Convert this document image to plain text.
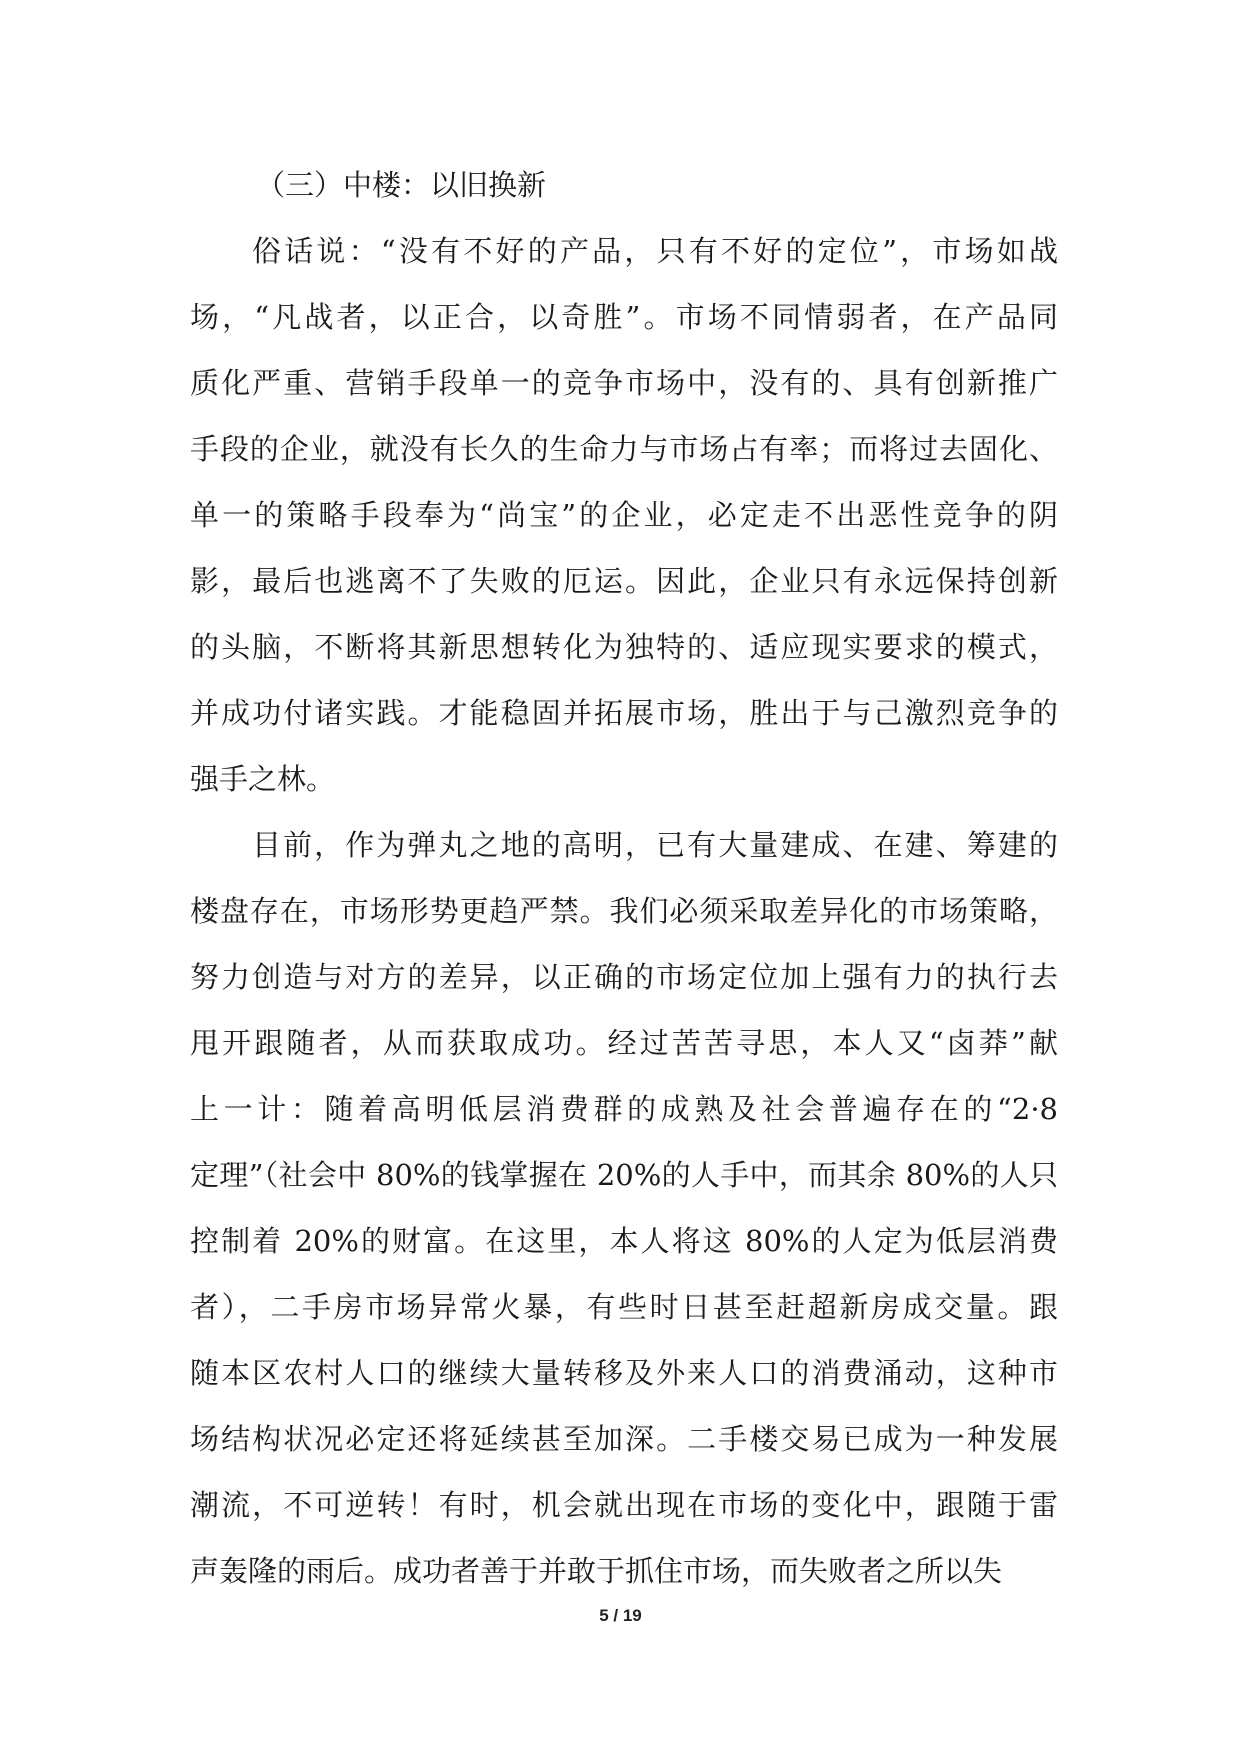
（三）中楼：以旧换新

俗话说：“没有不好的产品，只有不好的定位”，市场如战
场，“凡战者，以正合，以奇胜”。市场不同情弱者，在产品同
质化严重、营销手段单一的竞争市场中，没有的、具有创新推广
手段的企业，就没有长久的生命力与市场占有率；而将过去固化、
单一的策略手段奉为“尚宝”的企业，必定走不出恶性竞争的阴
影，最后也逃离不了失败的厄运。因此，企业只有永远保持创新
的头脑，不断将其新思想转化为独特的、适应现实要求的模式，
并成功付诸实践。才能稳固并拓展市场，胜出于与己激烈竞争的
强手之林。

目前，作为弹丸之地的高明，已有大量建成、在建、筹建的
楼盘存在，市场形势更趋严禁。我们必须采取差异化的市场策略，
努力创造与对方的差异，以正确的市场定位加上强有力的执行去
甩开跟随者，从而获取成功。经过苦苦寻思，本人又“卤莽”献
上一计：随着高明低层消费群的成熟及社会普遍存在的“2·8
定理”（社会中 80%的钱掌握在 20%的人手中，而其余 80%的人只
控制着 20%的财富。在这里，本人将这 80%的人定为低层消费
者），二手房市场异常火暴，有些时日甚至赶超新房成交量。跟
随本区农村人口的继续大量转移及外来人口的消费涌动，这种市
场结构状况必定还将延续甚至加深。二手楼交易已成为一种发展
潮流，不可逆转！有时，机会就出现在市场的变化中，跟随于雷
声轰隆的雨后。成功者善于并敢于抓住市场，而失败者之所以失

5 / 19
